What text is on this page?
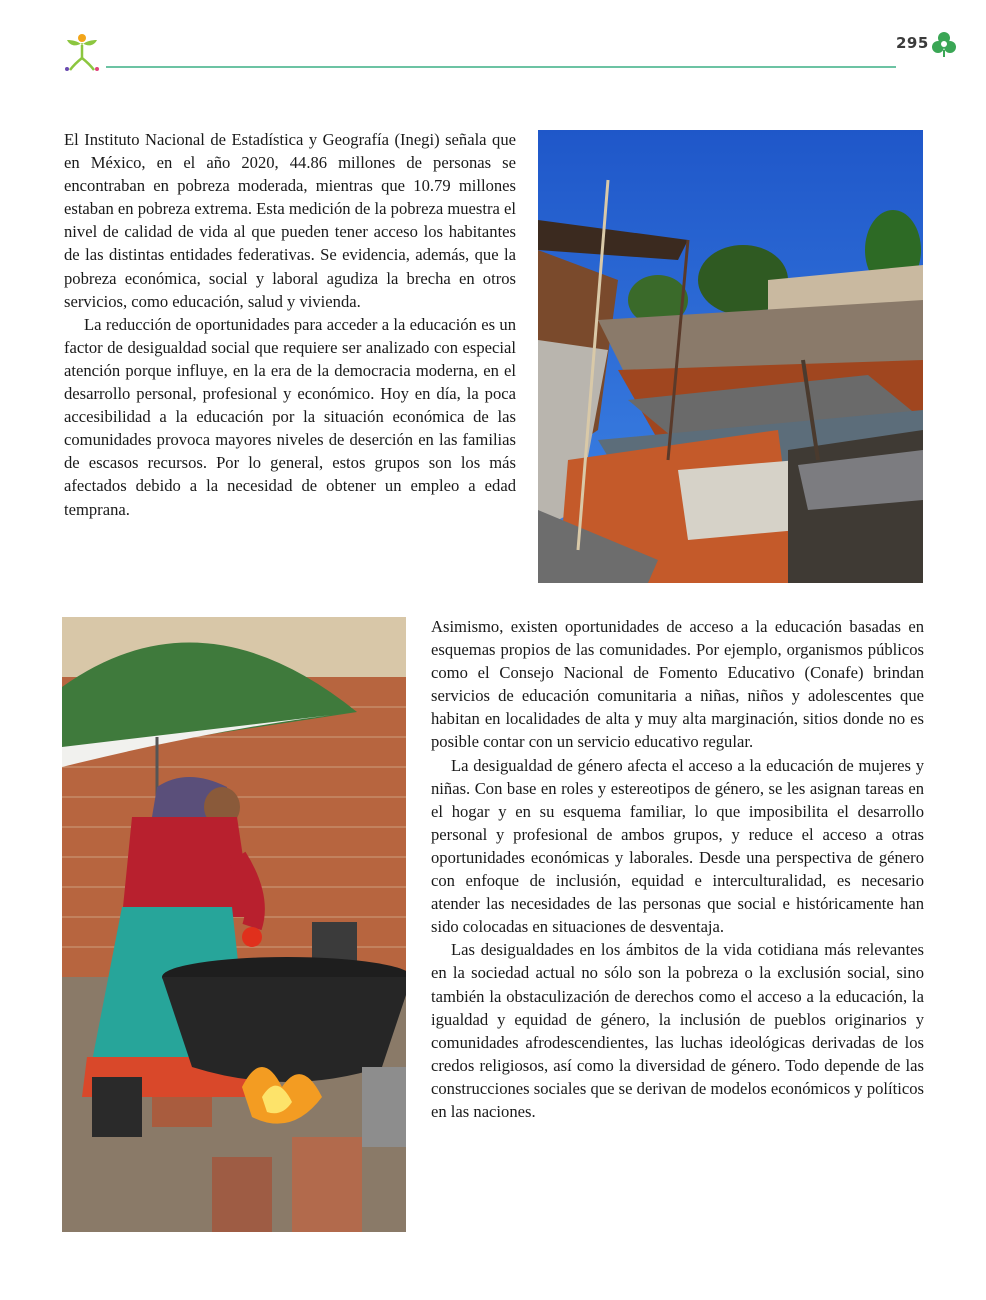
295

El Instituto Nacional de Estadística y Geografía (Inegi) señala que en México, en el año 2020, 44.86 millones de personas se encontraban en pobreza moderada, mientras que 10.79 millones estaban en pobreza extrema. Esta medición de la pobreza muestra el nivel de calidad de vida al que pueden tener acceso los habitantes de las distintas entidades federativas. Se evidencia, además, que la pobreza económica, social y laboral agudiza la brecha en otros servicios, como educación, salud y vivienda.

La reducción de oportunidades para acceder a la educación es un factor de desigualdad social que requiere ser analizado con especial atención porque influye, en la era de la democracia moderna, en el desarrollo personal, profesional y económico. Hoy en día, la poca accesibilidad a la educación por la situación económica de las comunidades provoca mayores niveles de deserción en las familias de escasos recursos. Por lo general, estos grupos son los más afectados debido a la necesidad de obtener un empleo a edad temprana.

Asimismo, existen oportunidades de acceso a la educación basadas en esquemas propios de las comunidades. Por ejemplo, organismos públicos como el Consejo Nacional de Fomento Educativo (Conafe) brindan servicios de educación comunitaria a niñas, niños y adolescentes que habitan en localidades de alta y muy alta marginación, sitios donde no es posible contar con un servicio educativo regular.

La desigualdad de género afecta el acceso a la educación de mujeres y niñas. Con base en roles y estereotipos de género, se les asignan tareas en el hogar y en su esquema familiar, lo que imposibilita el desarrollo personal y profesional de ambos grupos, y reduce el acceso a otras oportunidades económicas y laborales. Desde una perspectiva de género con enfoque de inclusión, equidad e interculturalidad, es necesario atender las necesidades de las personas que social e históricamente han sido colocadas en situaciones de desventaja.

Las desigualdades en los ámbitos de la vida cotidiana más relevantes en la sociedad actual no sólo son la pobreza o la exclusión social, sino también la obstaculización de derechos como el acceso a la educación, la igualdad y equidad de género, la inclusión de pueblos originarios y comunidades afrodescendientes, las luchas ideológicas derivadas de los credos religiosos, así como la diversidad de género. Todo depende de las construcciones sociales que se derivan de modelos económicos y políticos en las naciones.
